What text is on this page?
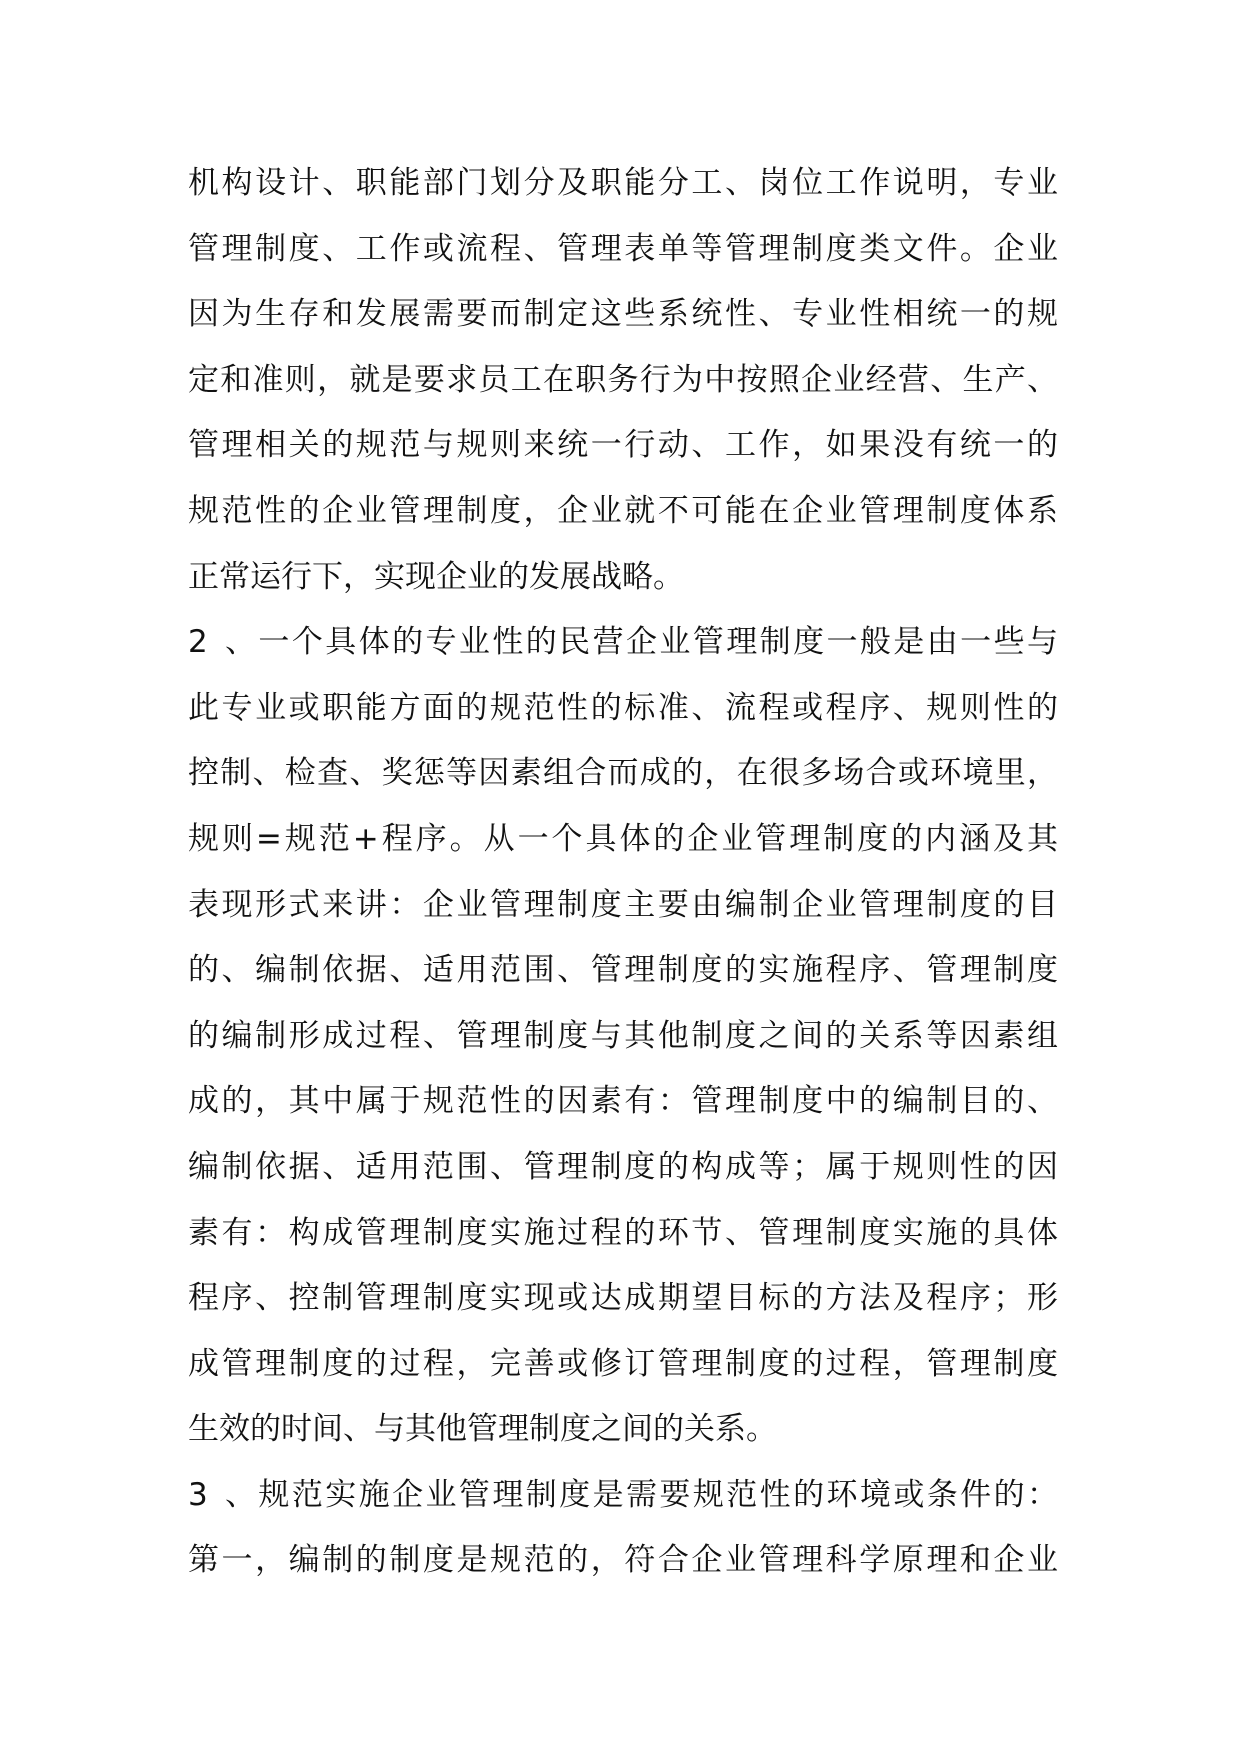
机构设计、职能部门划分及职能分工、岗位工作说明，专业
管理制度、工作或流程、管理表单等管理制度类文件。企业
因为生存和发展需要而制定这些系统性、专业性相统一的规
定和准则，就是要求员工在职务行为中按照企业经营、生产、
管理相关的规范与规则来统一行动、工作，如果没有统一的
规范性的企业管理制度，企业就不可能在企业管理制度体系
正常运行下，实现企业的发展战略。
2、一个具体的专业性的民营企业管理制度一般是由一些与
此专业或职能方面的规范性的标准、流程或程序、规则性的
控制、检查、奖惩等因素组合而成的，在很多场合或环境里，
规则=规范+程序。从一个具体的企业管理制度的内涵及其
表现形式来讲：企业管理制度主要由编制企业管理制度的目
的、编制依据、适用范围、管理制度的实施程序、管理制度
的编制形成过程、管理制度与其他制度之间的关系等因素组
成的，其中属于规范性的因素有：管理制度中的编制目的、
编制依据、适用范围、管理制度的构成等；属于规则性的因
素有：构成管理制度实施过程的环节、管理制度实施的具体
程序、控制管理制度实现或达成期望目标的方法及程序；形
成管理制度的过程，完善或修订管理制度的过程，管理制度
生效的时间、与其他管理制度之间的关系。
3、规范实施企业管理制度是需要规范性的环境或条件的：
第一，编制的制度是规范的，符合企业管理科学原理和企业
